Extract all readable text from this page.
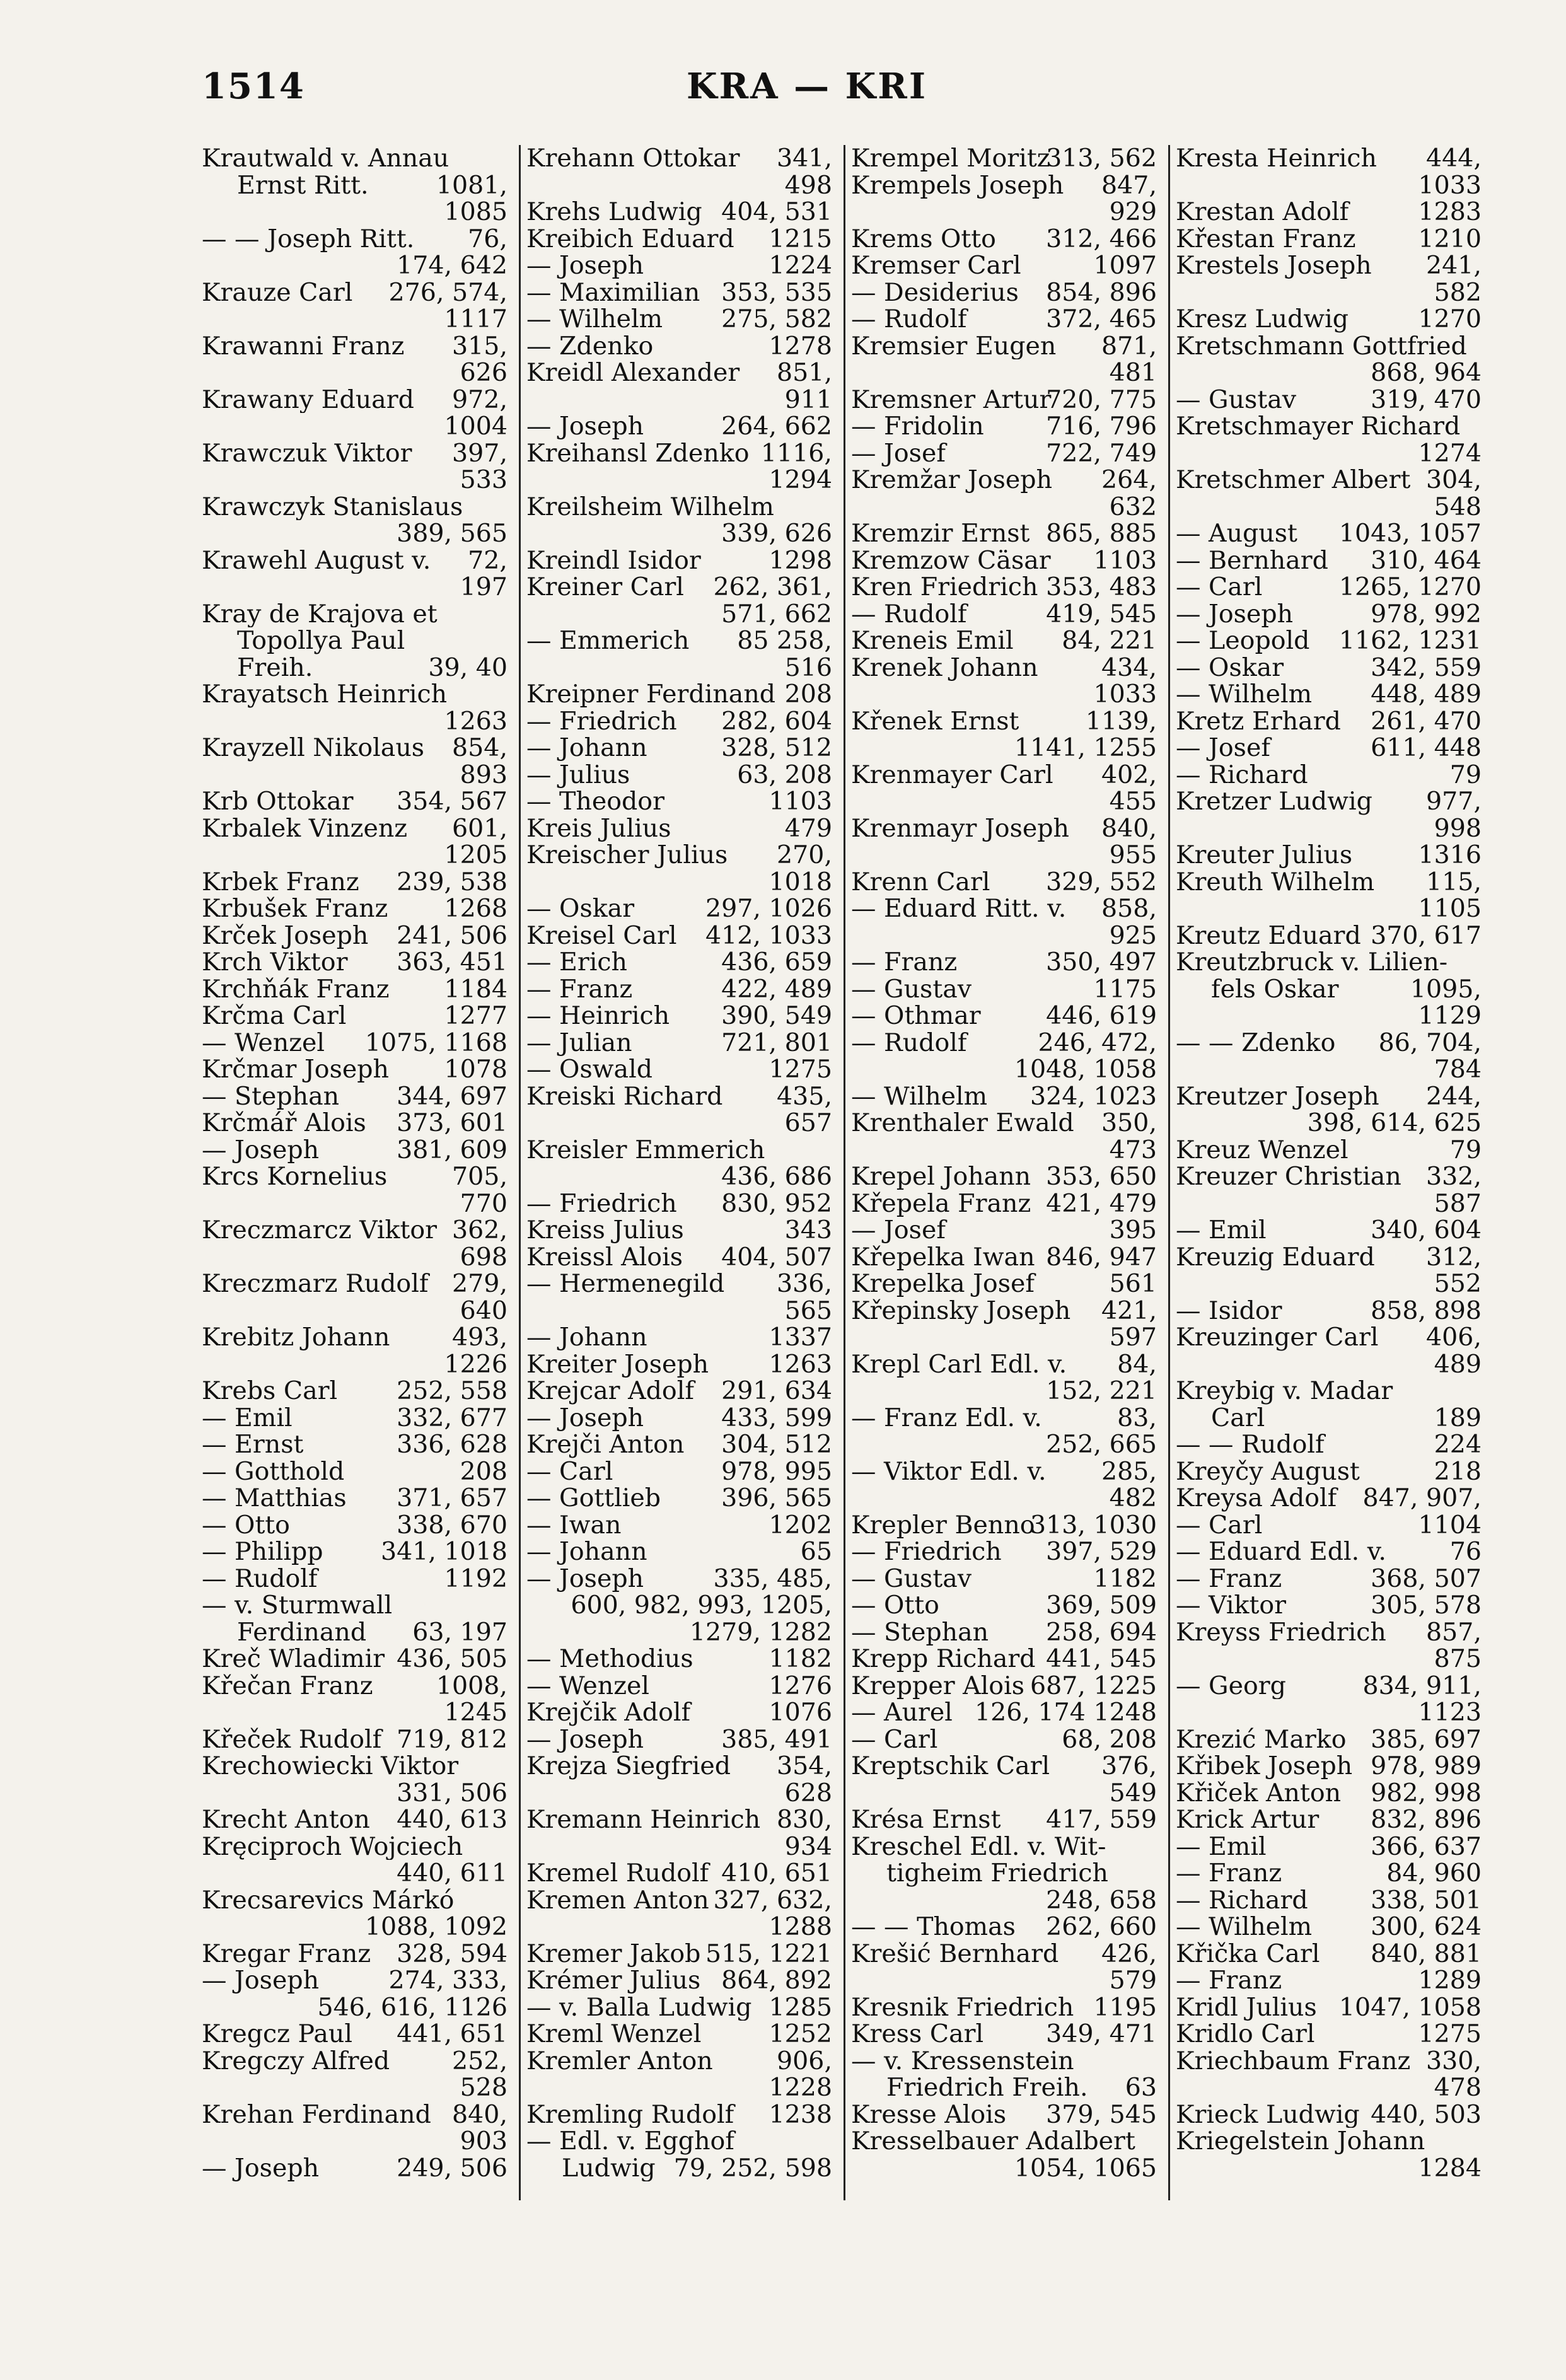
1514	KRA — KRI
Krautwald v. Annau
Ernst Ritt.	1081,
1085
— — Joseph Ritt. 76,
174, 642
Krauze Carl 276, 574,
1117
Krawanni Franz 315,
626
Krawany Eduard 972,
1004
Krawczuk Viktor 397,
533
Krawczyk Stanislaus
389, 565
Krawehl August v. 72,
197
Kray de Krajova et
Topollya Paul
Freih.	39, 40
Krayatsch Heinrich
1263
Krayzell Nikolaus 854,
893
Krb Ottokar 354, 567
Krbalek Vinzenz 601,
1205
Krbek Franz 239, 538
Krbušek Franz 1268
Krček Joseph 241, 506
Krch Viktor 363, 451
Krchňák Franz 1184
Krčma Carl	1277
— Wenzel 1075, 1168
Krčmar Joseph 1078
— Stephan 344, 697
Krčmář Alois 373, 601
— Joseph	381, 609
Krcs Kornelius	705,
770
Kreczmarcz Viktor 362,
698
Kreczmarz Rudolf 279,
640
Krebitz Johann 493,
1226
Krebs Carl 252, 558
— Emil	332, 677
— Ernst	336, 628
— Gotthold	208
— Matthias 371, 657
— Otto	338, 670
— Philipp 341, 1018
— Rudolf	1192
— v. Sturmwall
Ferdinand 63, 197
Kreč Wladimir 436, 505
Křečan Franz	1008,
1245
Křeček Rudolf 719, 812
Krechowiecki Viktor
331, 506
Krecht Anton 440, 613
Kręciproch Wojciech
440, 611
Krecsarevics Márkó
1088, 1092
Kregar Franz 328, 594
— Joseph	274, 333,
546, 616, 1126
Kregcz Paul 441, 651
Kregczy Alfred	252,
528
Krehan Ferdinand 840,
903
— Joseph	249, 506
Krehann Ottokar 341,
498
Krehs Ludwig 404, 531
Kreibich Eduard 1215
— Joseph	1224
— Maximilian 353, 535
— Wilhelm 275, 582
— Zdenko	1278
Kreidl Alexander 851,
911
— Joseph	264, 662
Kreihansl Zdenko 1116,
1294
Kreilsheim Wilhelm
339, 626
Kreindl Isidor	1298
Kreiner Carl 262, 361,
571, 662
— Emmerich 85 258,
516
Kreipner Ferdinand 208
— Friedrich 282, 604
— Johann	328, 512
— Julius	63, 208
— Theodor	1103
Kreis Julius	479
Kreischer Julius 270,
1018
— Oskar	297, 1026
Kreisel Carl 412, 1033
— Erich	436, 659
— Franz	422, 489
— Heinrich 390, 549
— Julian	721, 801
— Oswald	1275
Kreiski Richard 435,
657
Kreisler Emmerich
436, 686
— Friedrich 830, 952
Kreiss Julius	343
Kreissl Alois 404, 507
— Hermenegild 336,
565
— Johann	1337
Kreiter Joseph 1263
Krejcar Adolf 291, 634
— Joseph	433, 599
Krejči Anton 304, 512
— Carl	978, 995
— Gottlieb 396, 565
— Iwan	1202
— Johann	65
— Joseph	335, 485,
600, 982, 993, 1205,
1279, 1282
— Methodius	1182
— Wenzel	1276
Krejčik Adolf	1076
— Joseph	385, 491
Krejza Siegfried 354,
628
Kremann Heinrich 830,
934
Kremel Rudolf 410, 651
Kremen Anton 327, 632,
1288
Kremer Jakob 515, 1221
Krémer Julius 864, 892
— v. Balla Ludwig 1285
Kreml Wenzel	1252
Kremler Anton	906,
1228
Kremling Rudolf 1238
— Edl. v. Egghof
Ludwig 79, 252, 598
Krempel Moritz
313, 562
Krempels Joseph 847,
929
Krems Otto 312, 466
Kremser Carl	1097
— Desiderius 854, 896
— Rudolf	372, 465
Kremsier Eugen 871,
481
Kremsner Artur
720, 775
— Fridolin 716, 796
— Josef	722, 749
Kremžar Joseph 264,
632
Kremzir Ernst 865, 885
Kremzow Cäsar 1103
Kren Friedrich 353, 483
— Rudolf	419, 545
Kreneis Emil 84, 221
Krenek Johann	434,
1033
Křenek Ernst	1139,
1141, 1255
Krenmayer Carl 402,
455
Krenmayr Joseph 840,
955
Krenn Carl 329, 552
— Eduard Ritt. v. 858,
925
— Franz	350, 497
— Gustav	1175
— Othmar	446, 619
— Rudolf	246, 472,
1048, 1058
— Wilhelm 324, 1023
Krenthaler Ewald 350,
473
Krepel Johann 353, 650
Křepela Franz 421, 479
— Josef	395
Křepelka Iwan 846, 947
Krepelka Josef	561
Křepinsky Joseph 421,
597
Krepl Carl Edl. v. 84,
152, 221
— Franz Edl. v.	83,
252, 665
— Viktor Edl. v. 285,
482
Krepler Benno
313, 1030
— Friedrich 397, 529
— Gustav	1182
— Otto	369, 509
— Stephan 258, 694
Krepp Richard 441, 545
Krepper Alois 687, 1225
— Aurel 126, 174 1248
— Carl	68, 208
Kreptschik Carl 376,
549
Krésa Ernst 417, 559
Kreschel Edl. v. Wit-
tigheim Friedrich
248, 658
— — Thomas 262, 660
Krešić Bernhard 426,
579
Kresnik Friedrich 1195
Kress Carl	349, 471
— v. Kressenstein
Friedrich Freih. 63
Kresse Alois 379, 545
Kresselbauer Adalbert
1054, 1065
Kresta Heinrich 444,
1033
Krestan Adolf	1283
Křestan Franz	1210
Krestels Joseph 241,
582
Kresz Ludwig	1270
Kretschmann Gottfried
868, 964
— Gustav	319, 470
Kretschmayer Richard
1274
Kretschmer Albert 304,
548
— August 1043, 1057
— Bernhard 310, 464
— Carl	1265, 1270
— Joseph	978, 992
— Leopold 1162, 1231
— Oskar	342, 559
— Wilhelm 448, 489
Kretz Erhard 261, 470
— Josef	611, 448
— Richard	79
Kretzer Ludwig 977,
998
Kreuter Julius	1316
Kreuth Wilhelm 115,
1105
Kreutz Eduard 370, 617
Kreutzbruck v. Lilien-
fels Oskar	1095,
1129
— — Zdenko 86, 704,
784
Kreutzer Joseph 244,
398, 614, 625
Kreuz Wenzel	79
Kreuzer Christian 332,
587
— Emil	340, 604
Kreuzig Eduard 312,
552
— Isidor	858, 898
Kreuzinger Carl 406,
489
Kreybig v. Madar
Carl	189
— — Rudolf	224
Kreyčy August	218
Kreysa Adolf 847, 907,
— Carl	1104
— Eduard Edl. v.	76
— Franz	368, 507
— Viktor	305, 578
Kreyss Friedrich 857,
875
— Georg	834, 911,
1123
Krezić Marko 385, 697
Křibek Joseph 978, 989
Křiček Anton 982, 998
Krick Artur 832, 896
— Emil	366, 637
— Franz	84, 960
— Richard	338, 501
— Wilhelm 300, 624
Křička Carl 840, 881
— Franz	1289
Kridl Julius 1047, 1058
Kridlo Carl	1275
Kriechbaum Franz 330,
478
Krieck Ludwig 440, 503
Kriegelstein Johann
1284
